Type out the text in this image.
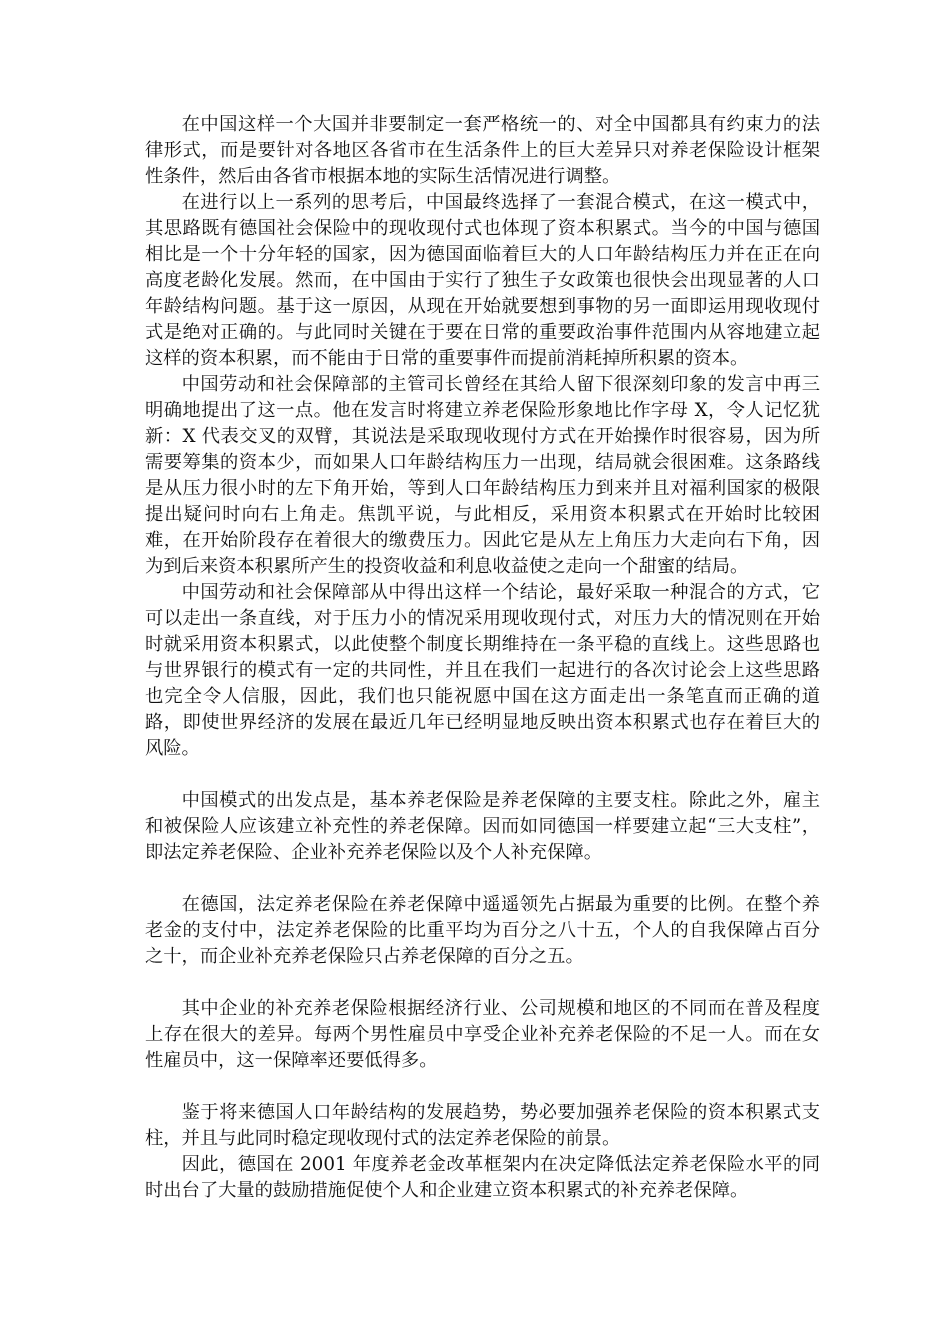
在中国这样一个大国并非要制定一套严格统一的、对全中国都具有约束力的法律形式，而是要针对各地区各省市在生活条件上的巨大差异只对养老保险设计框架性条件，然后由各省市根据本地的实际生活情况进行调整。

在进行以上一系列的思考后，中国最终选择了一套混合模式，在这一模式中，其思路既有德国社会保险中的现收现付式也体现了资本积累式。当今的中国与德国相比是一个十分年轻的国家，因为德国面临着巨大的人口年龄结构压力并在正在向高度老龄化发展。然而，在中国由于实行了独生子女政策也很快会出现显著的人口年龄结构问题。基于这一原因，从现在开始就要想到事物的另一面即运用现收现付式是绝对正确的。与此同时关键在于要在日常的重要政治事件范围内从容地建立起这样的资本积累，而不能由于日常的重要事件而提前消耗掉所积累的资本。

中国劳动和社会保障部的主管司长曾经在其给人留下很深刻印象的发言中再三明确地提出了这一点。他在发言时将建立养老保险形象地比作字母 X，令人记忆犹新：X 代表交叉的双臂，其说法是采取现收现付方式在开始操作时很容易，因为所需要筹集的资本少，而如果人口年龄结构压力一出现，结局就会很困难。这条路线是从压力很小时的左下角开始，等到人口年龄结构压力到来并且对福利国家的极限提出疑问时向右上角走。焦凯平说，与此相反，采用资本积累式在开始时比较困难，在开始阶段存在着很大的缴费压力。因此它是从左上角压力大走向右下角，因为到后来资本积累所产生的投资收益和利息收益使之走向一个甜蜜的结局。

中国劳动和社会保障部从中得出这样一个结论，最好采取一种混合的方式，它可以走出一条直线，对于压力小的情况采用现收现付式，对压力大的情况则在开始时就采用资本积累式，以此使整个制度长期维持在一条平稳的直线上。这些思路也与世界银行的模式有一定的共同性，并且在我们一起进行的各次讨论会上这些思路也完全令人信服，因此，我们也只能祝愿中国在这方面走出一条笔直而正确的道路，即使世界经济的发展在最近几年已经明显地反映出资本积累式也存在着巨大的风险。

中国模式的出发点是，基本养老保险是养老保障的主要支柱。除此之外，雇主和被保险人应该建立补充性的养老保障。因而如同德国一样要建立起“三大支柱”，即法定养老保险、企业补充养老保险以及个人补充保障。

在德国，法定养老保险在养老保障中遥遥领先占据最为重要的比例。在整个养老金的支付中，法定养老保险的比重平均为百分之八十五，个人的自我保障占百分之十，而企业补充养老保险只占养老保障的百分之五。

其中企业的补充养老保险根据经济行业、公司规模和地区的不同而在普及程度上存在很大的差异。每两个男性雇员中享受企业补充养老保险的不足一人。而在女性雇员中，这一保障率还要低得多。

鉴于将来德国人口年龄结构的发展趋势，势必要加强养老保险的资本积累式支柱，并且与此同时稳定现收现付式的法定养老保险的前景。

因此，德国在 2001 年度养老金改革框架内在决定降低法定养老保险水平的同时出台了大量的鼓励措施促使个人和企业建立资本积累式的补充养老保障。
